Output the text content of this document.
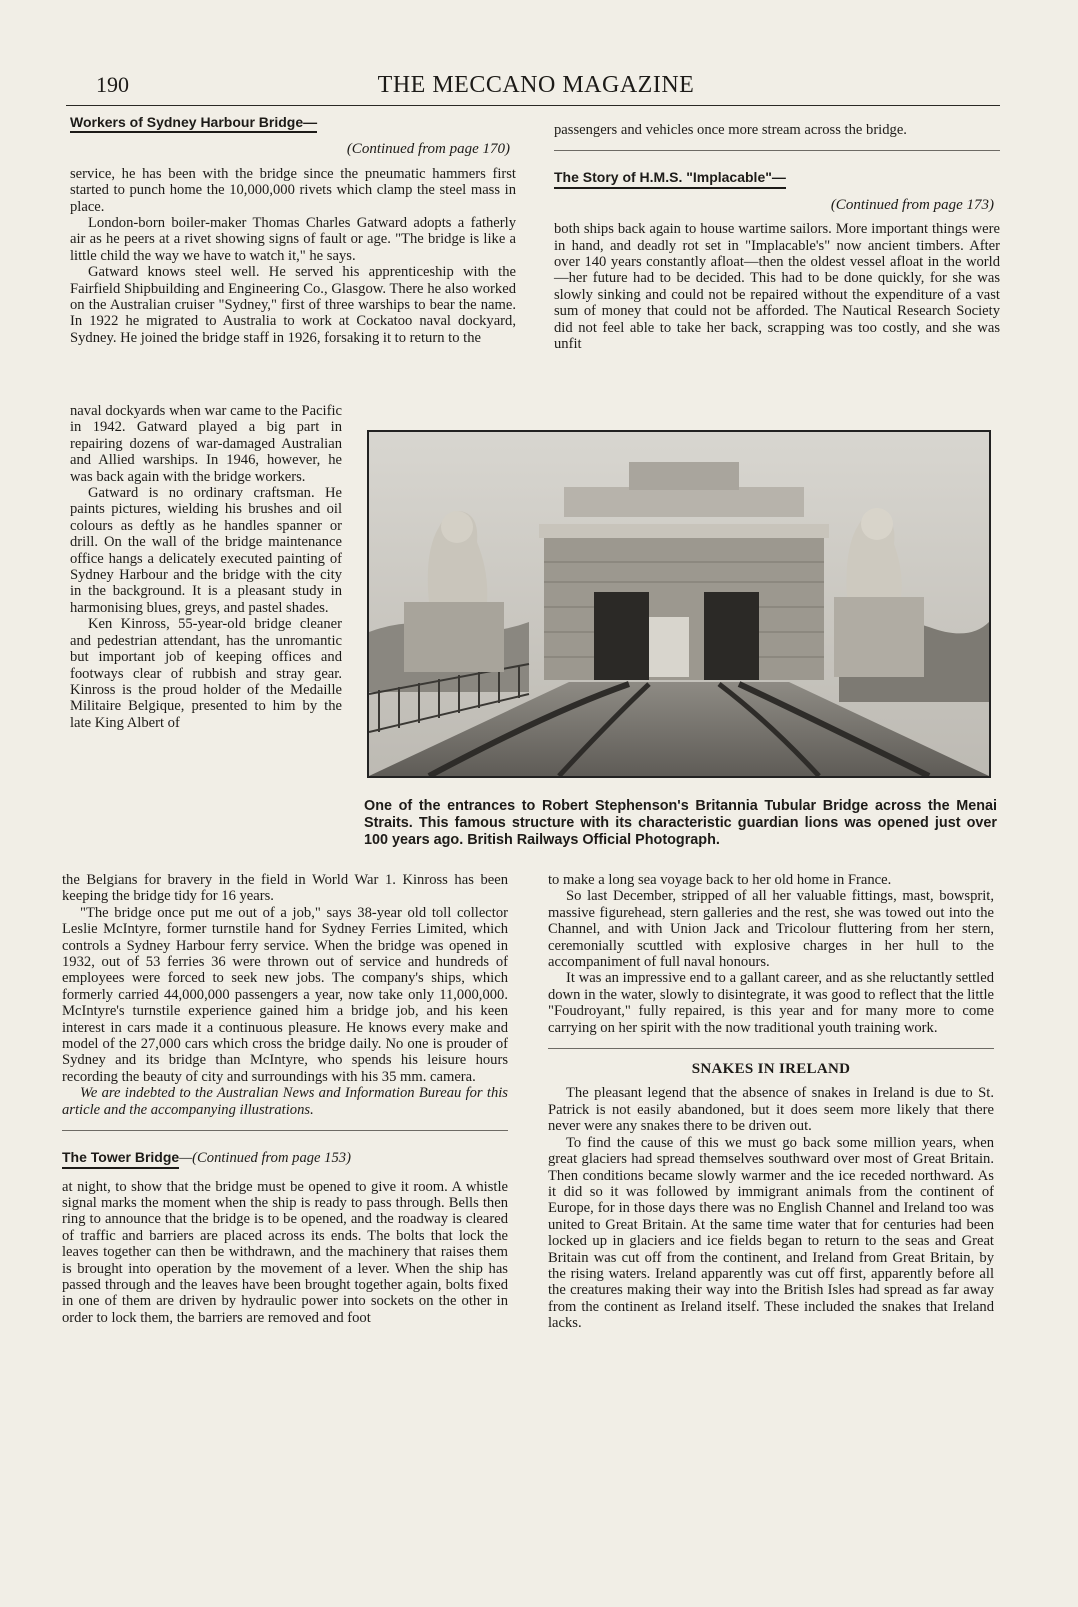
THE MECCANO MAGAZINE
190
Workers of Sydney Harbour Bridge—
(Continued from page 170)

service, he has been with the bridge since the pneumatic hammers first started to punch home the 10,000,000 rivets which clamp the steel mass in place.

London-born boiler-maker Thomas Charles Gatward adopts a fatherly air as he peers at a rivet showing signs of fault or age. "The bridge is like a little child the way we have to watch it," he says.

Gatward knows steel well. He served his apprenticeship with the Fairfield Shipbuilding and Engineering Co., Glasgow. There he also worked on the Australian cruiser "Sydney," first of three warships to bear the name. In 1922 he migrated to Australia to work at Cockatoo naval dockyard, Sydney. He joined the bridge staff in 1926, forsaking it to return to the

naval dockyards when war came to the Pacific in 1942. Gatward played a big part in repairing dozens of war-damaged Australian and Allied warships. In 1946, however, he was back again with the bridge workers.

Gatward is no ordinary craftsman. He paints pictures, wielding his brushes and oil colours as deftly as he handles spanner or drill. On the wall of the bridge maintenance office hangs a delicately executed painting of Sydney Harbour and the bridge with the city in the background. It is a pleasant study in harmonising blues, greys, and pastel shades.

Ken Kinross, 55-year-old bridge cleaner and pedestrian attendant, has the unromantic but important job of keeping offices and footways clear of rubbish and stray gear. Kinross is the proud holder of the Medaille Militaire Belgique, presented to him by the late King Albert of

the Belgians for bravery in the field in World War 1. Kinross has been keeping the bridge tidy for 16 years.

"The bridge once put me out of a job," says 38-year old toll collector Leslie McIntyre, former turnstile hand for Sydney Ferries Limited, which controls a Sydney Harbour ferry service. When the bridge was opened in 1932, out of 53 ferries 36 were thrown out of service and hundreds of employees were forced to seek new jobs. The company's ships, which formerly carried 44,000,000 passengers a year, now take only 11,000,000. McIntyre's turnstile experience gained him a bridge job, and his keen interest in cars made it a continuous pleasure. He knows every make and model of the 27,000 cars which cross the bridge daily. No one is prouder of Sydney and its bridge than McIntyre, who spends his leisure hours recording the beauty of city and surroundings with his 35 mm. camera.

We are indebted to the Australian News and Information Bureau for this article and the accompanying illustrations.

The Tower Bridge—(Continued from page 153)

at night, to show that the bridge must be opened to give it room. A whistle signal marks the moment when the ship is ready to pass through. Bells then ring to announce that the bridge is to be opened, and the roadway is cleared of traffic and barriers are placed across its ends. The bolts that lock the leaves together can then be withdrawn, and the machinery that raises them is brought into operation by the movement of a lever. When the ship has passed through and the leaves have been brought together again, bolts fixed in one of them are driven by hydraulic power into sockets on the other in order to lock them, the barriers are removed and foot

passengers and vehicles once more stream across the bridge.

The Story of H.M.S. "Implacable"—
(Continued from page 173)

both ships back again to house wartime sailors. More important things were in hand, and deadly rot set in "Implacable's" now ancient timbers. After over 140 years constantly afloat—then the oldest vessel afloat in the world—her future had to be decided. This had to be done quickly, for she was slowly sinking and could not be repaired without the expenditure of a vast sum of money that could not be afforded. The Nautical Research Society did not feel able to take her back, scrapping was too costly, and she was unfit

One of the entrances to Robert Stephenson's Britannia Tubular Bridge across the Menai Straits. This famous structure with its characteristic guardian lions was opened just over 100 years ago. British Railways Official Photograph.

to make a long sea voyage back to her old home in France.

So last December, stripped of all her valuable fittings, mast, bowsprit, massive figurehead, stern galleries and the rest, she was towed out into the Channel, and with Union Jack and Tricolour fluttering from her stern, ceremonially scuttled with explosive charges in her hull to the accompaniment of full naval honours.

It was an impressive end to a gallant career, and as she reluctantly settled down in the water, slowly to disintegrate, it was good to reflect that the little "Foudroyant," fully repaired, is this year and for many more to come carrying on her spirit with the now traditional youth training work.

SNAKES IN IRELAND

The pleasant legend that the absence of snakes in Ireland is due to St. Patrick is not easily abandoned, but it does seem more likely that there never were any snakes there to be driven out.

To find the cause of this we must go back some million years, when great glaciers had spread themselves southward over most of Great Britain. Then conditions became slowly warmer and the ice receded northward. As it did so it was followed by immigrant animals from the continent of Europe, for in those days there was no English Channel and Ireland too was united to Great Britain. At the same time water that for centuries had been locked up in glaciers and ice fields began to return to the seas and Great Britain was cut off from the continent, and Ireland from Great Britain, by the rising waters. Ireland apparently was cut off first, apparently before all the creatures making their way into the British Isles had spread as far away from the continent as Ireland itself. These included the snakes that Ireland lacks.
